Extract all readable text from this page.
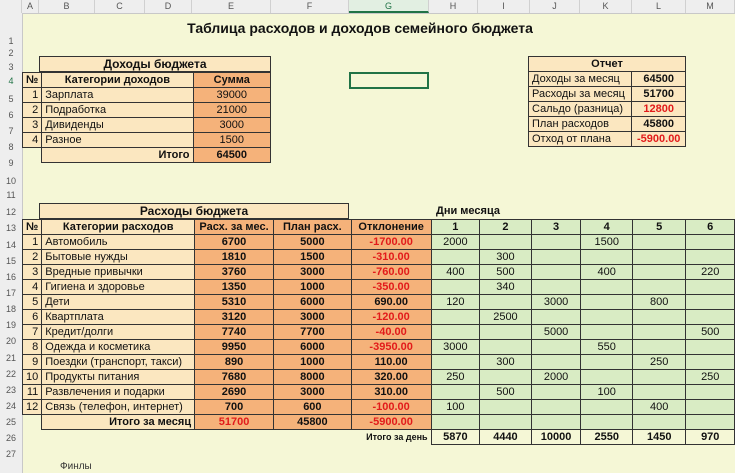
A	B	C	D	E	F	G	H	I	J	K	L	M
1
2
3
4
5
6
7
8
9
10
11
12
13
14
15
16
17
18
19
20
21
22
23
24
25
26
27
Таблица расходов и доходов семейного бюджета
Доходы бюджета
№	Категории доходов	Сумма
1	Зарплата	39000
2	Подработка	21000
3	Дивиденды	3000
4	Разное	1500
	Итого	64500
Отчет	
Доходы за месяц	64500
Расходы за месяц	51700
Сальдо (разница)	12800
План расходов	45800
Отход от плана	-5900.00
Расходы бюджета	Дни месяца
№	Категории расходов	Расх. за мес.	План расх.	Отклонение	1	2	3	4	5	6
1	Автомобиль	6700	5000	-1700.00	2000			1500		
2	Бытовые нужды	1810	1500	-310.00		300				
3	Вредные привычки	3760	3000	-760.00	400	500		400		220
4	Гигиена и здоровье	1350	1000	-350.00		340				
5	Дети	5310	6000	690.00	120		3000		800	
6	Квартплата	3120	3000	-120.00		2500				
7	Кредит/долги	7740	7700	-40.00			5000			500
8	Одежда и косметика	9950	6000	-3950.00	3000			550		
9	Поездки (транспорт, такси)	890	1000	110.00		300			250	
10	Продукты питания	7680	8000	320.00	250		2000			250
11	Развлечения и подарки	2690	3000	310.00		500		100		
12	Связь (телефон, интернет)	700	600	-100.00	100				400	
	Итого за месяц	51700	45800	-5900.00						
Итого за день					5870	4440	10000	2550	1450	970
Финлы
